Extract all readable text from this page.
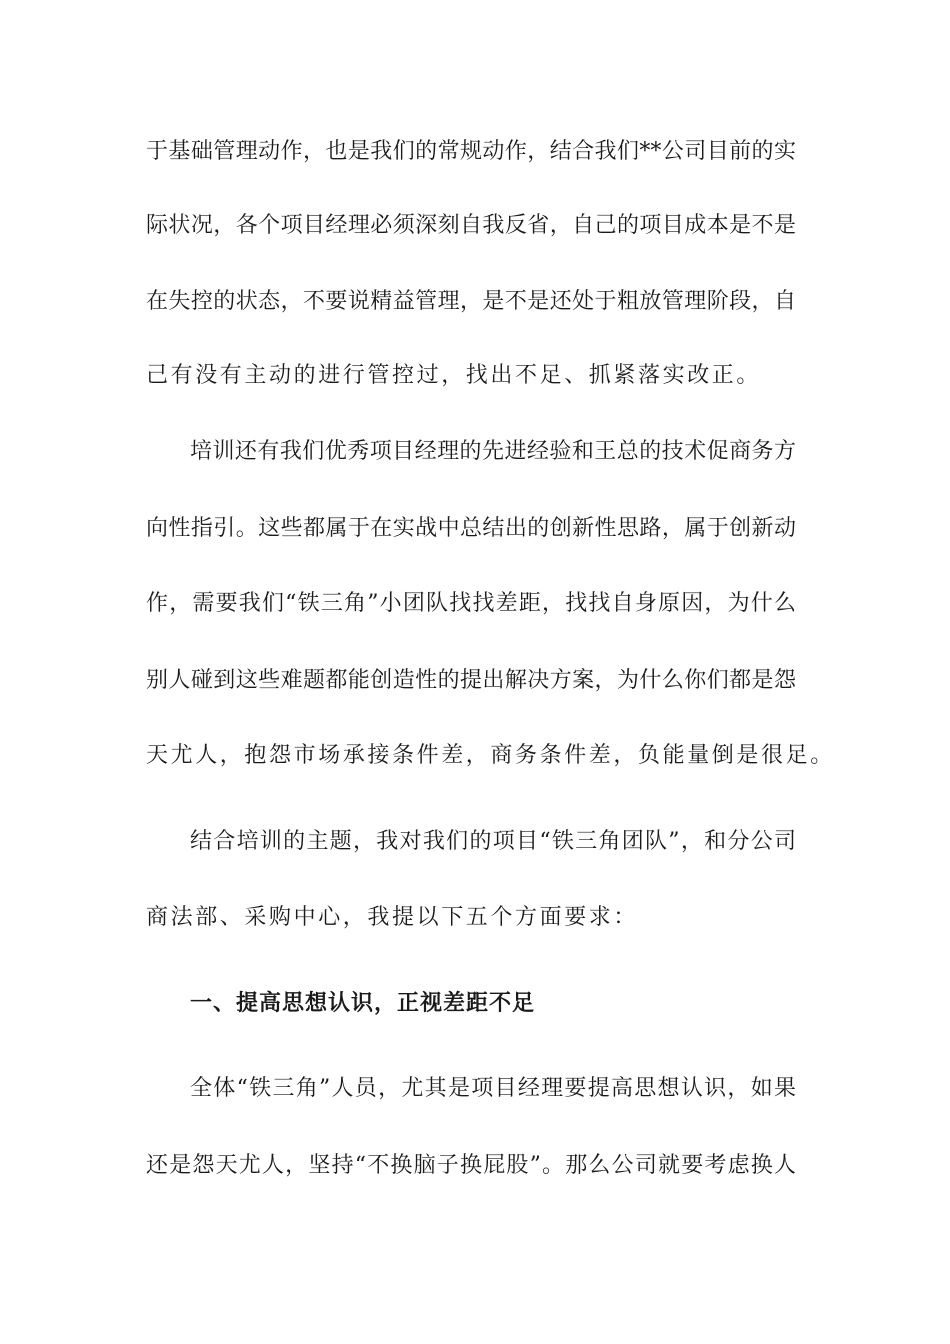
于基础管理动作，也是我们的常规动作，结合我们**公司目前的实
际状况，各个项目经理必须深刻自我反省，自己的项目成本是不是
在失控的状态，不要说精益管理，是不是还处于粗放管理阶段，自
己有没有主动的进行管控过，找出不足、抓紧落实改正。
培训还有我们优秀项目经理的先进经验和王总的技术促商务方
向性指引。这些都属于在实战中总结出的创新性思路，属于创新动
作，需要我们“铁三角”小团队找找差距，找找自身原因，为什么
别人碰到这些难题都能创造性的提出解决方案，为什么你们都是怨
天尤人，抱怨市场承接条件差，商务条件差，负能量倒是很足。
结合培训的主题，我对我们的项目“铁三角团队”，和分公司
商法部、采购中心，我提以下五个方面要求：
一、提高思想认识，正视差距不足
全体“铁三角”人员，尤其是项目经理要提高思想认识，如果
还是怨天尤人，坚持“不换脑子换屁股”。那么公司就要考虑换人
